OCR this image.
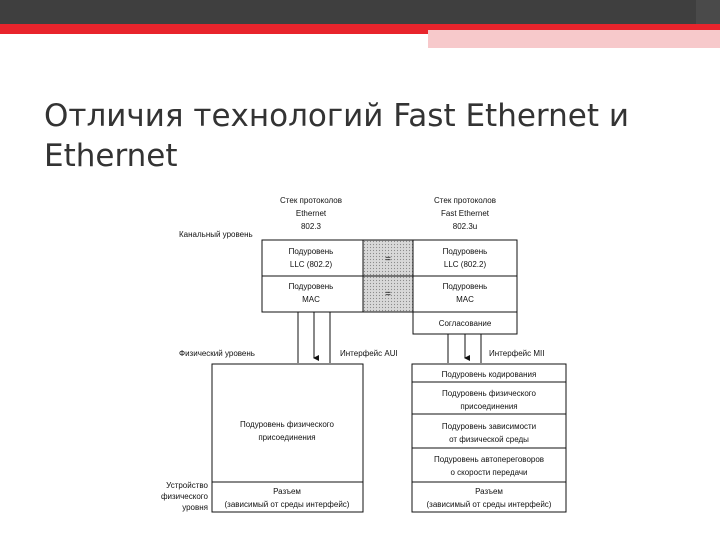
Отличия технологий Fast Ethernet и Ethernet
Стек протоколов
Ethernet
802.3
Стек протоколов
Fast Ethernet
802.3u
Канальный уровень
Подуровень
LLC (802.2)
Подуровень
MAC
=
=
Подуровень
LLC (802.2)
Подуровень
MAC
Согласование
Физический уровень	Интерфейс AUI	Интерфейс MII
Подуровень физического
присоединения
Разъем
(зависимый от среды интерфейс)
Подуровень кодирования
Подуровень физического
присоединения
Подуровень зависимости
от физической среды
Подуровень автопереговоров
о скорости передачи
Разъем
(зависимый от среды интерфейс)
Устройство
физического
уровня
